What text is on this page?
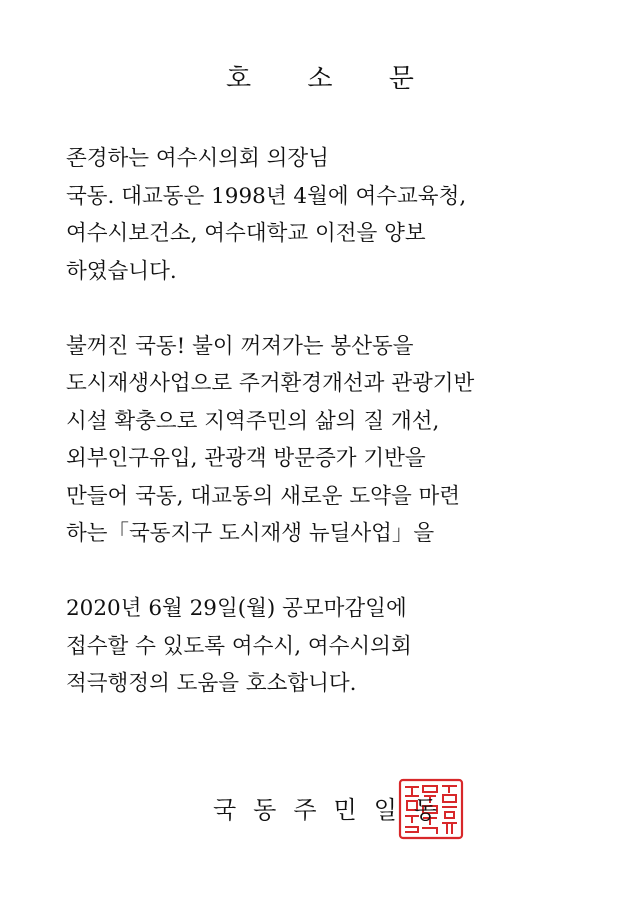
호 소 문

존경하는 여수시의회 의장님
국동. 대교동은 1998년 4월에 여수교육청,
여수시보건소, 여수대학교 이전을 양보
하였습니다.

불꺼진 국동! 불이 꺼져가는 봉산동을
도시재생사업으로 주거환경개선과 관광기반
시설 확충으로 지역주민의 삶의 질 개선,
외부인구유입, 관광객 방문증가 기반을
만들어 국동, 대교동의 새로운 도약을 마련
하는「국동지구 도시재생 뉴딜사업」을

2020년 6월 29일(월) 공모마감일에
접수할 수 있도록 여수시, 여수시의회
적극행정의 도움을 호소합니다.

국동주민일동
